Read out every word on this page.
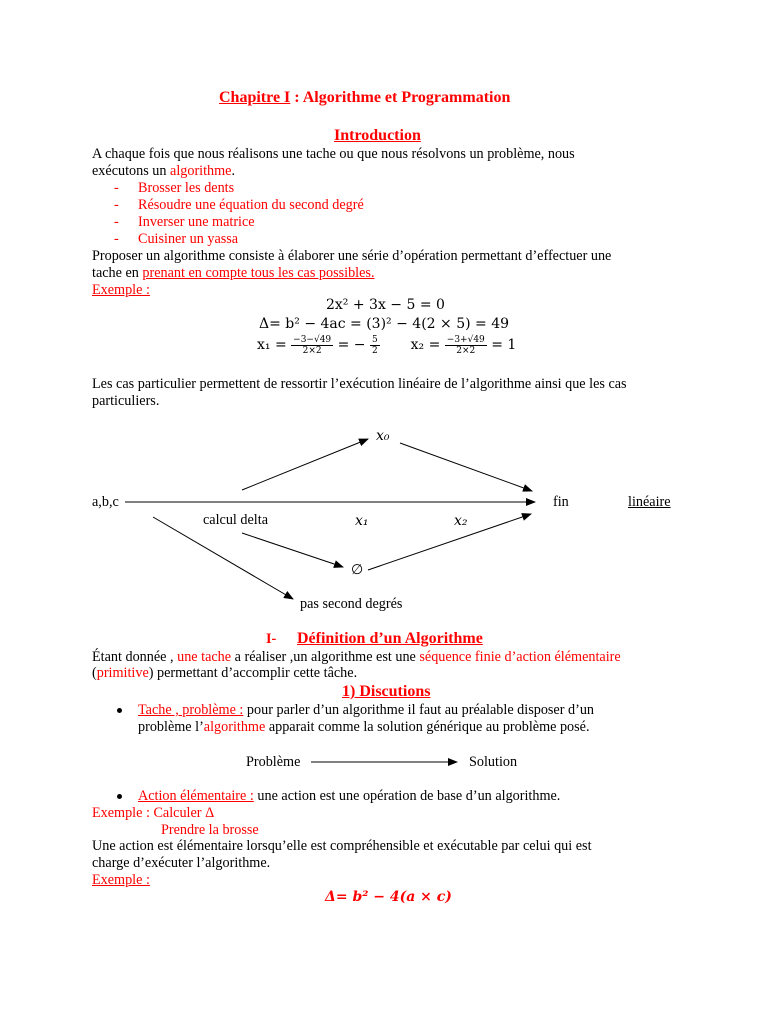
Chapitre I : Algorithme et Programmation
Introduction
A chaque fois que nous réalisons une tache ou que nous résolvons un problème, nous
exécutons un algorithme.
- Brosser les dents
- Résoudre une équation du second degré
- Inverser une matrice
- Cuisiner un yassa
Proposer un algorithme consiste à élaborer une série d’opération permettant d’effectuer une
tache en prenant en compte tous les cas possibles.
Exemple :
2x² + 3x − 5 = 0
Δ= b² − 4ac = (3)² − 4(2 × 5) = 49
$x_1 = \frac{-3-√49}{2\times 2}$ = − $\frac{5}{2} x_2 = \frac{-3+√49}{2\times 2} = 1$
Les cas particulier permettent de ressortir l’exécution linéaire de l’algorithme ainsi que les cas
particuliers.
a,b,c
x₀
calcul delta	x₁	x₂
fin	linéaire
∅
pas second degrés
I- Définition d’un Algorithme
Étant donnée , une tache a réaliser ,un algorithme est une séquence finie d’action élémentaire
(primitive) permettant d’accomplir cette tâche.
1) Discutions
Tache , problème : pour parler d’un algorithme il faut au préalable disposer d’un
problème l’algorithme apparait comme la solution générique au problème posé.
Problème	Solution
Action élémentaire : une action est une opération de base d’un algorithme.
Exemple : Calculer Δ
Prendre la brosse
Une action est élémentaire lorsqu’elle est compréhensible et exécutable par celui qui est
charge d’exécuter l’algorithme.
Exemple :
Δ= b² − 4(a × c)
